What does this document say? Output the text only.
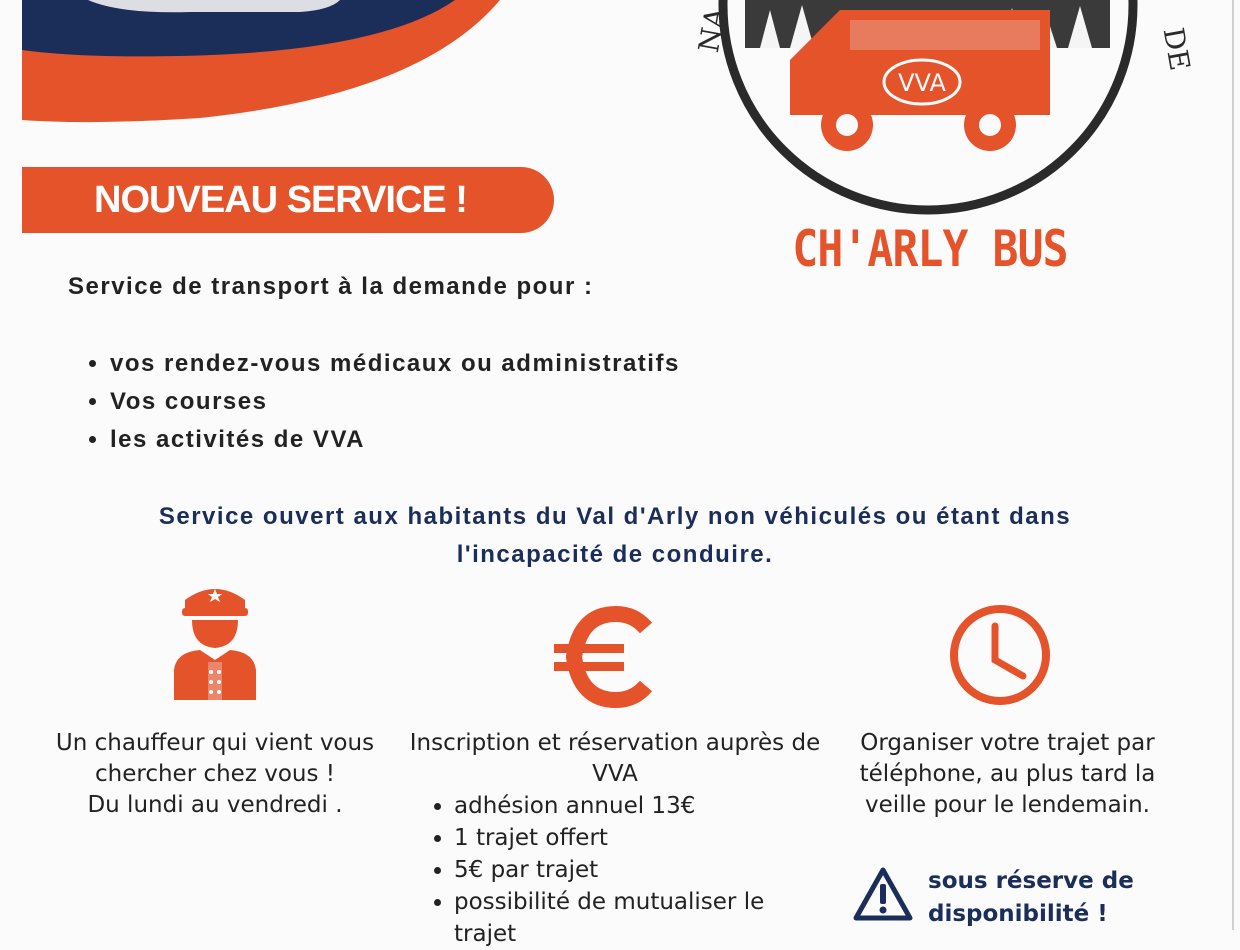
NOUVEAU SERVICE !
VVA
NA	DE
CH'ARLY BUS
Service de transport à la demande pour :
• vos rendez-vous médicaux ou administratifs
• Vos courses
• les activités de VVA
Service ouvert aux habitants du Val d'Arly non véhiculés ou étant dans
l'incapacité de conduire.
Un chauffeur qui vient vous
chercher chez vous !
Du lundi au vendredi .
Inscription et réservation auprès de
VVA
• adhésion annuel 13€
• 1 trajet offert
• 5€ par trajet
• possibilité de mutualiser le trajet
Organiser votre trajet par
téléphone, au plus tard la
veille pour le lendemain.
sous réserve de
disponibilité !
